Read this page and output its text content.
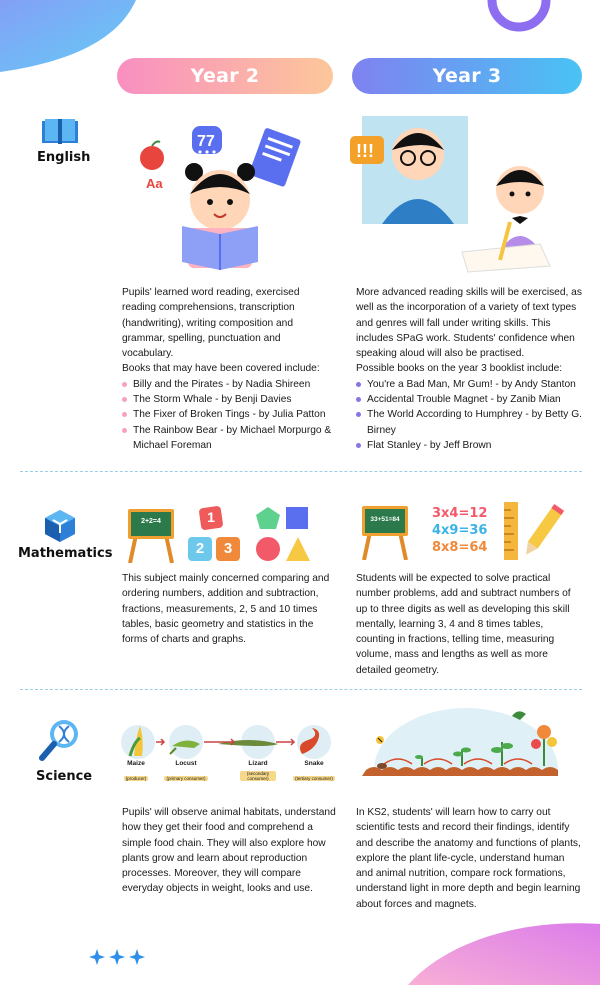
Year 2	Year 3
English
Aa
77	!!!

Pupils' learned word reading, exercised reading comprehensions, transcription (handwriting), writing composition and grammar, spelling, punctuation and vocabulary.

Books that may have been covered include:

Billy and the Pirates - by Nadia Shireen
The Storm Whale - by Benji Davies
The Fixer of Broken Tings - by Julia Patton
The Rainbow Bear - by Michael Morpurgo & Michael Foreman

More advanced reading skills will be exercised, as well as the incorporation of a variety of text types and genres will fall under writing skills. This includes SPaG work. Students' confidence when speaking aloud will also be practised.

Possible books on the year 3 booklist include:

You're a Bad Man, Mr Gum! - by Andy Stanton
Accidental Trouble Magnet - by Zanib Mian
The World According to Humphrey - by Betty G. Birney
Flat Stanley - by Jeff Brown
Mathematics
2+2=4	1
2	3
33+51=84	3x4=12
4x9=36
8x8=64
This subject mainly concerned comparing and ordering numbers, addition and subtraction, fractions, measurements, 2, 5 and 10 times tables, basic geometry and statistics in the forms of charts and graphs.
Students will be expected to solve practical number problems, add and subtract numbers of up to three digits as well as developing this skill mentally, learning 3, 4 and 8 times tables, counting in fractions, telling time, measuring volume, mass and lengths as well as more detailed geometry.
Science
Maize
(producer)
Locust
(primary consumer)
Lizard
(secondary consumer)
Snake
(tertiary consumer)
Pupils' will observe animal habitats, understand how they get their food and comprehend a simple food chain. They will also explore how plants grow and learn about reproduction processes. Moreover, they will compare everyday objects in weight, looks and use.
In KS2, students' will learn how to carry out scientific tests and record their findings, identify and describe the anatomy and functions of plants, explore the plant life-cycle, understand human and animal nutrition, compare rock formations, understand light in more depth and begin learning about forces and magnets.
